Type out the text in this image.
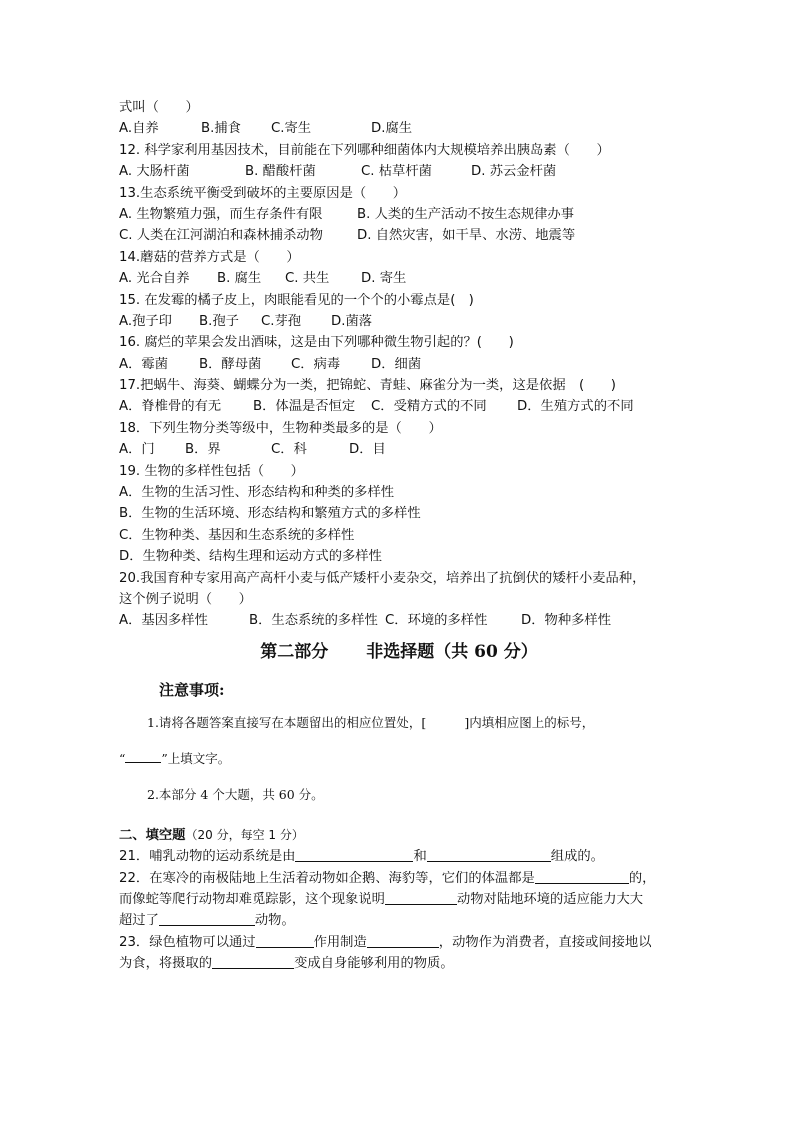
式叫（　　）
A.自养	B.捕食	C.寄生	D.腐生
12. 科学家利用基因技术，目前能在下列哪种细菌体内大规模培养出胰岛素（　　）
A. 大肠杆菌	B. 醋酸杆菌	C. 枯草杆菌	D. 苏云金杆菌
13.生态系统平衡受到破坏的主要原因是（　　）
A. 生物繁殖力强，而生存条件有限	B. 人类的生产活动不按生态规律办事
C. 人类在江河湖泊和森林捕杀动物	D. 自然灾害，如干旱、水涝、地震等
14.蘑菇的营养方式是（　　）
A. 光合自养	B. 腐生	C. 共生	D. 寄生
15. 在发霉的橘子皮上，肉眼能看见的一个个的小霉点是(　)
A.孢子印	B.孢子	C.芽孢	D.菌落
16. 腐烂的苹果会发出酒味，这是由下列哪种微生物引起的？(　　)
A．霉菌	B．酵母菌	C．病毒	D．细菌
17.把蜗牛、海葵、蝴蝶分为一类，把锦蛇、青蛙、麻雀分为一类，这是依据　(　　)
A．脊椎骨的有无	B．体温是否恒定	C．受精方式的不同	D．生殖方式的不同
18．下列生物分类等级中，生物种类最多的是（　　）
A．门	B．界	C．科	D．目
19. 生物的多样性包括（　　）
A．生物的生活习性、形态结构和种类的多样性
B．生物的生活环境、形态结构和繁殖方式的多样性
C．生物种类、基因和生态系统的多样性
D．生物种类、结构生理和运动方式的多样性
20.我国育种专家用高产高杆小麦与低产矮杆小麦杂交，培养出了抗倒伏的矮杆小麦品种，
这个例子说明（　　）
A．基因多样性	B．生态系统的多样性 C．环境的多样性	D．物种多样性
第二部分 非选择题（共 60 分）
注意事项:
1.请将各题答案直接写在本题留出的相应位置处，[	]内填相应图上的标号，
“	”上填文字。
2.本部分 4 个大题，共 60 分。
二、填空题（20 分，每空 1 分）
21．哺乳动物的运动系统是由	和	组成的。
22．在寒冷的南极陆地上生活着动物如企鹅、海豹等，它们的体温都是	的，
而像蛇等爬行动物却难觅踪影，这个现象说明	动物对陆地环境的适应能力大大
超过了	动物。
23．绿色植物可以通过	作用制造	，动物作为消费者，直接或间接地以
为食，将摄取的	变成自身能够利用的物质。
